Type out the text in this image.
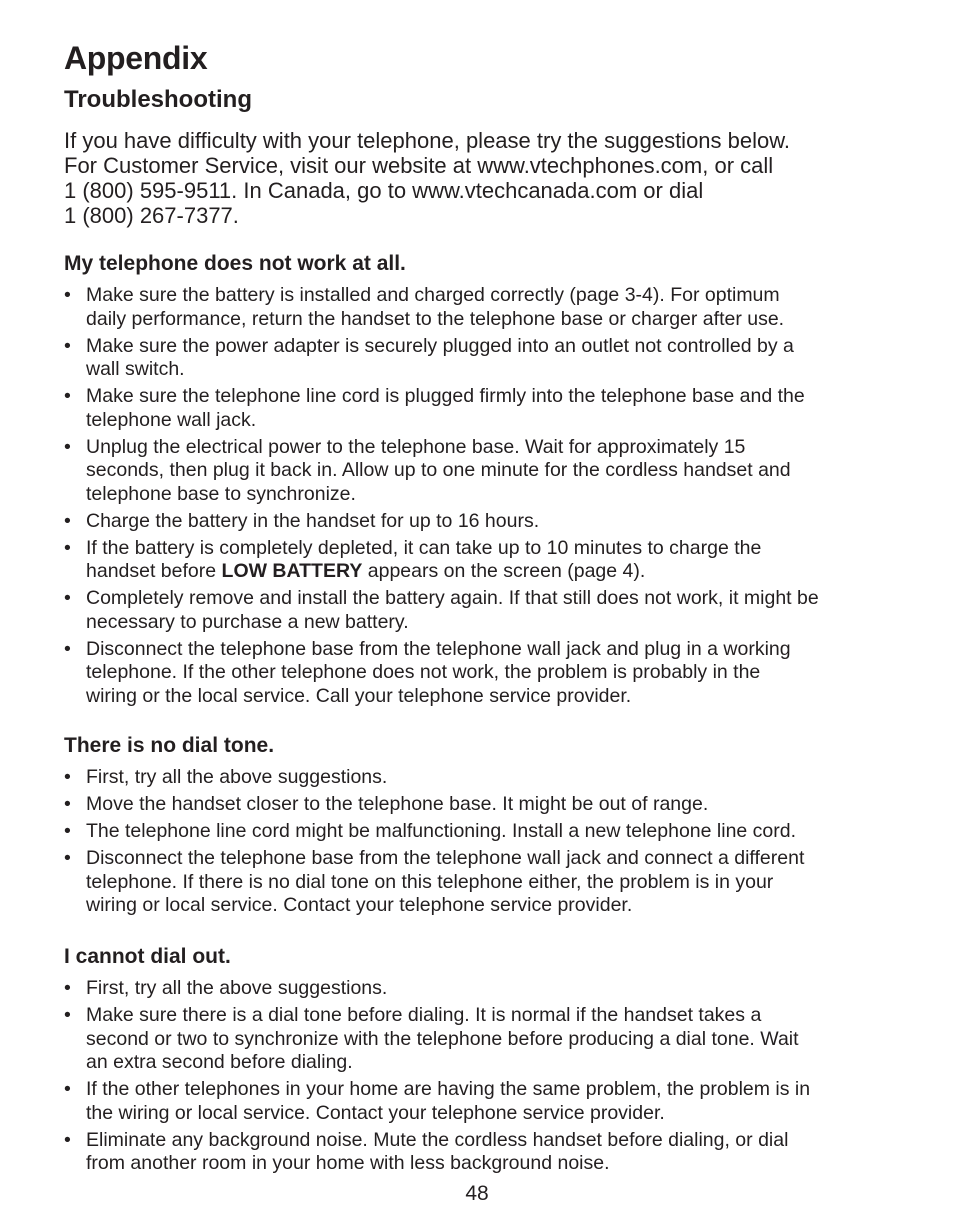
Appendix
Troubleshooting

If you have difficulty with your telephone, please try the suggestions below.
For Customer Service, visit our website at www.vtechphones.com, or call
1 (800) 595-9511. In Canada, go to www.vtechcanada.com or dial
1 (800) 267-7377.

My telephone does not work at all.
• Make sure the battery is installed and charged correctly (page 3-4). For optimum
daily performance, return the handset to the telephone base or charger after use.
• Make sure the power adapter is securely plugged into an outlet not controlled by a
wall switch.
• Make sure the telephone line cord is plugged firmly into the telephone base and the
telephone wall jack.
• Unplug the electrical power to the telephone base. Wait for approximately 15
seconds, then plug it back in. Allow up to one minute for the cordless handset and
telephone base to synchronize.
• Charge the battery in the handset for up to 16 hours.
• If the battery is completely depleted, it can take up to 10 minutes to charge the
handset before LOW BATTERY appears on the screen (page 4).
• Completely remove and install the battery again. If that still does not work, it might be
necessary to purchase a new battery.
• Disconnect the telephone base from the telephone wall jack and plug in a working
telephone. If the other telephone does not work, the problem is probably in the
wiring or the local service. Call your telephone service provider.
There is no dial tone.
• First, try all the above suggestions.
• Move the handset closer to the telephone base. It might be out of range.
• The telephone line cord might be malfunctioning. Install a new telephone line cord.
• Disconnect the telephone base from the telephone wall jack and connect a different
telephone. If there is no dial tone on this telephone either, the problem is in your
wiring or local service. Contact your telephone service provider.
I cannot dial out.
• First, try all the above suggestions.
• Make sure there is a dial tone before dialing. It is normal if the handset takes a
second or two to synchronize with the telephone before producing a dial tone. Wait
an extra second before dialing.
• If the other telephones in your home are having the same problem, the problem is in
the wiring or local service. Contact your telephone service provider.
• Eliminate any background noise. Mute the cordless handset before dialing, or dial
from another room in your home with less background noise.
48
